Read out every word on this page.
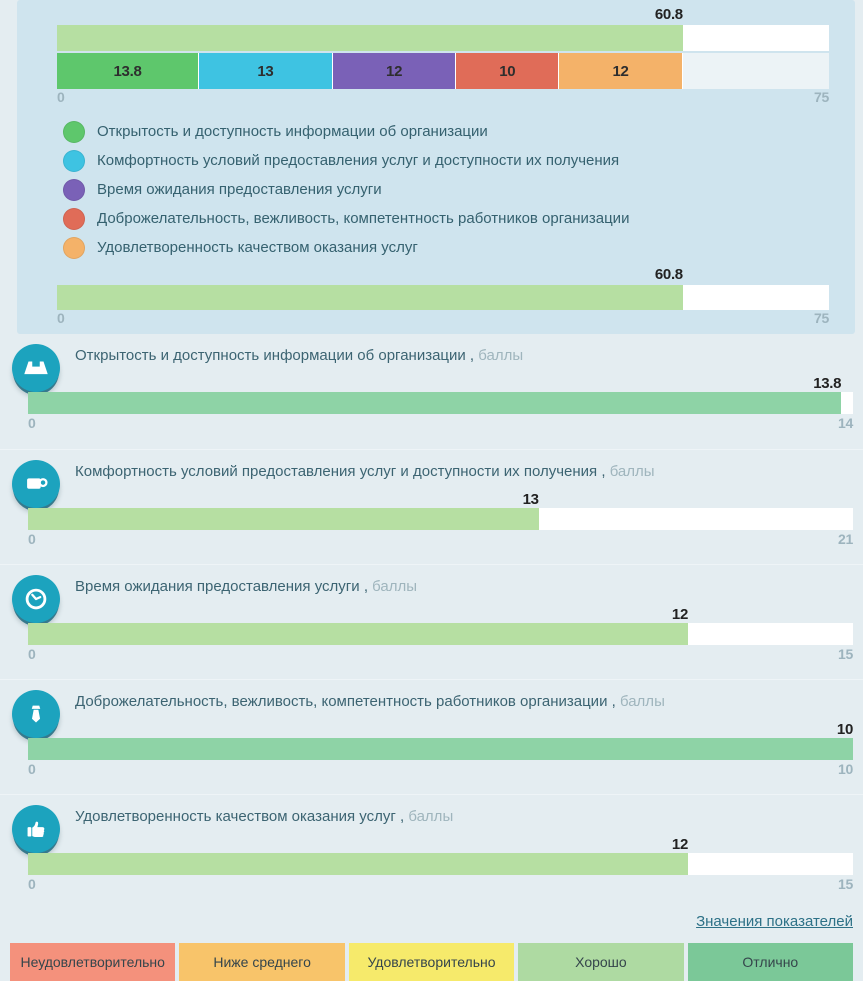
60.8
13.8	13	12	10	12
0	75
Открытость и доступность информации об организации
Комфортность условий предоставления услуг и доступности их получения
Время ожидания предоставления услуги
Доброжелательность, вежливость, компетентность работников организации
Удовлетворенность качеством оказания услуг
60.8
0	75
Открытость и доступность информации об организации , баллы
13.8
0	14
Комфортность условий предоставления услуг и доступности их получения , баллы
13
0	21
Время ожидания предоставления услуги , баллы
12
0	15
Доброжелательность, вежливость, компетентность работников организации , баллы
10
0	10
Удовлетворенность качеством оказания услуг , баллы
12
0	15
Значения показателей
Неудовлетворительно	Ниже среднего	Удовлетворительно	Хорошо	Отлично
